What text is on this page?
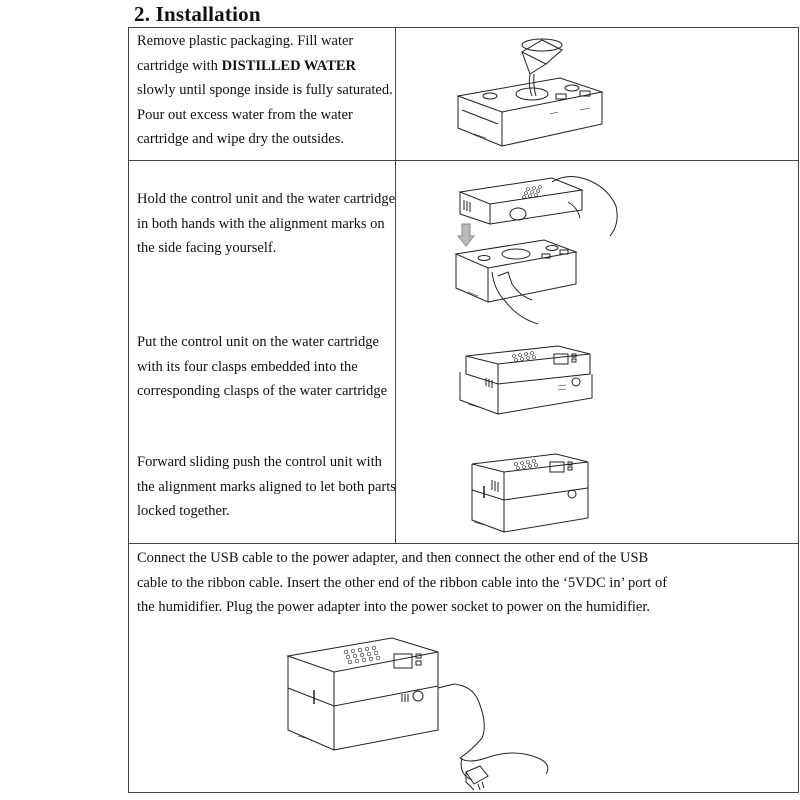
2. Installation
Remove plastic packaging. Fill water
cartridge with DISTILLED WATER
slowly until sponge inside is fully saturated.
Pour out excess water from the water
cartridge and wipe dry the outsides.
Hold the control unit and the water cartridge
in both hands with the alignment marks on
the side facing yourself.
Put the control unit on the water cartridge
with its four clasps embedded into the
corresponding clasps of the water cartridge
Forward sliding push the control unit with
the alignment marks aligned to let both parts
locked together.
Connect the USB cable to the power adapter, and then connect the other end of the USB
cable to the ribbon cable. Insert the other end of the ribbon cable into the ‘5VDC in’ port of
the humidifier. Plug the power adapter into the power socket to power on the humidifier.
